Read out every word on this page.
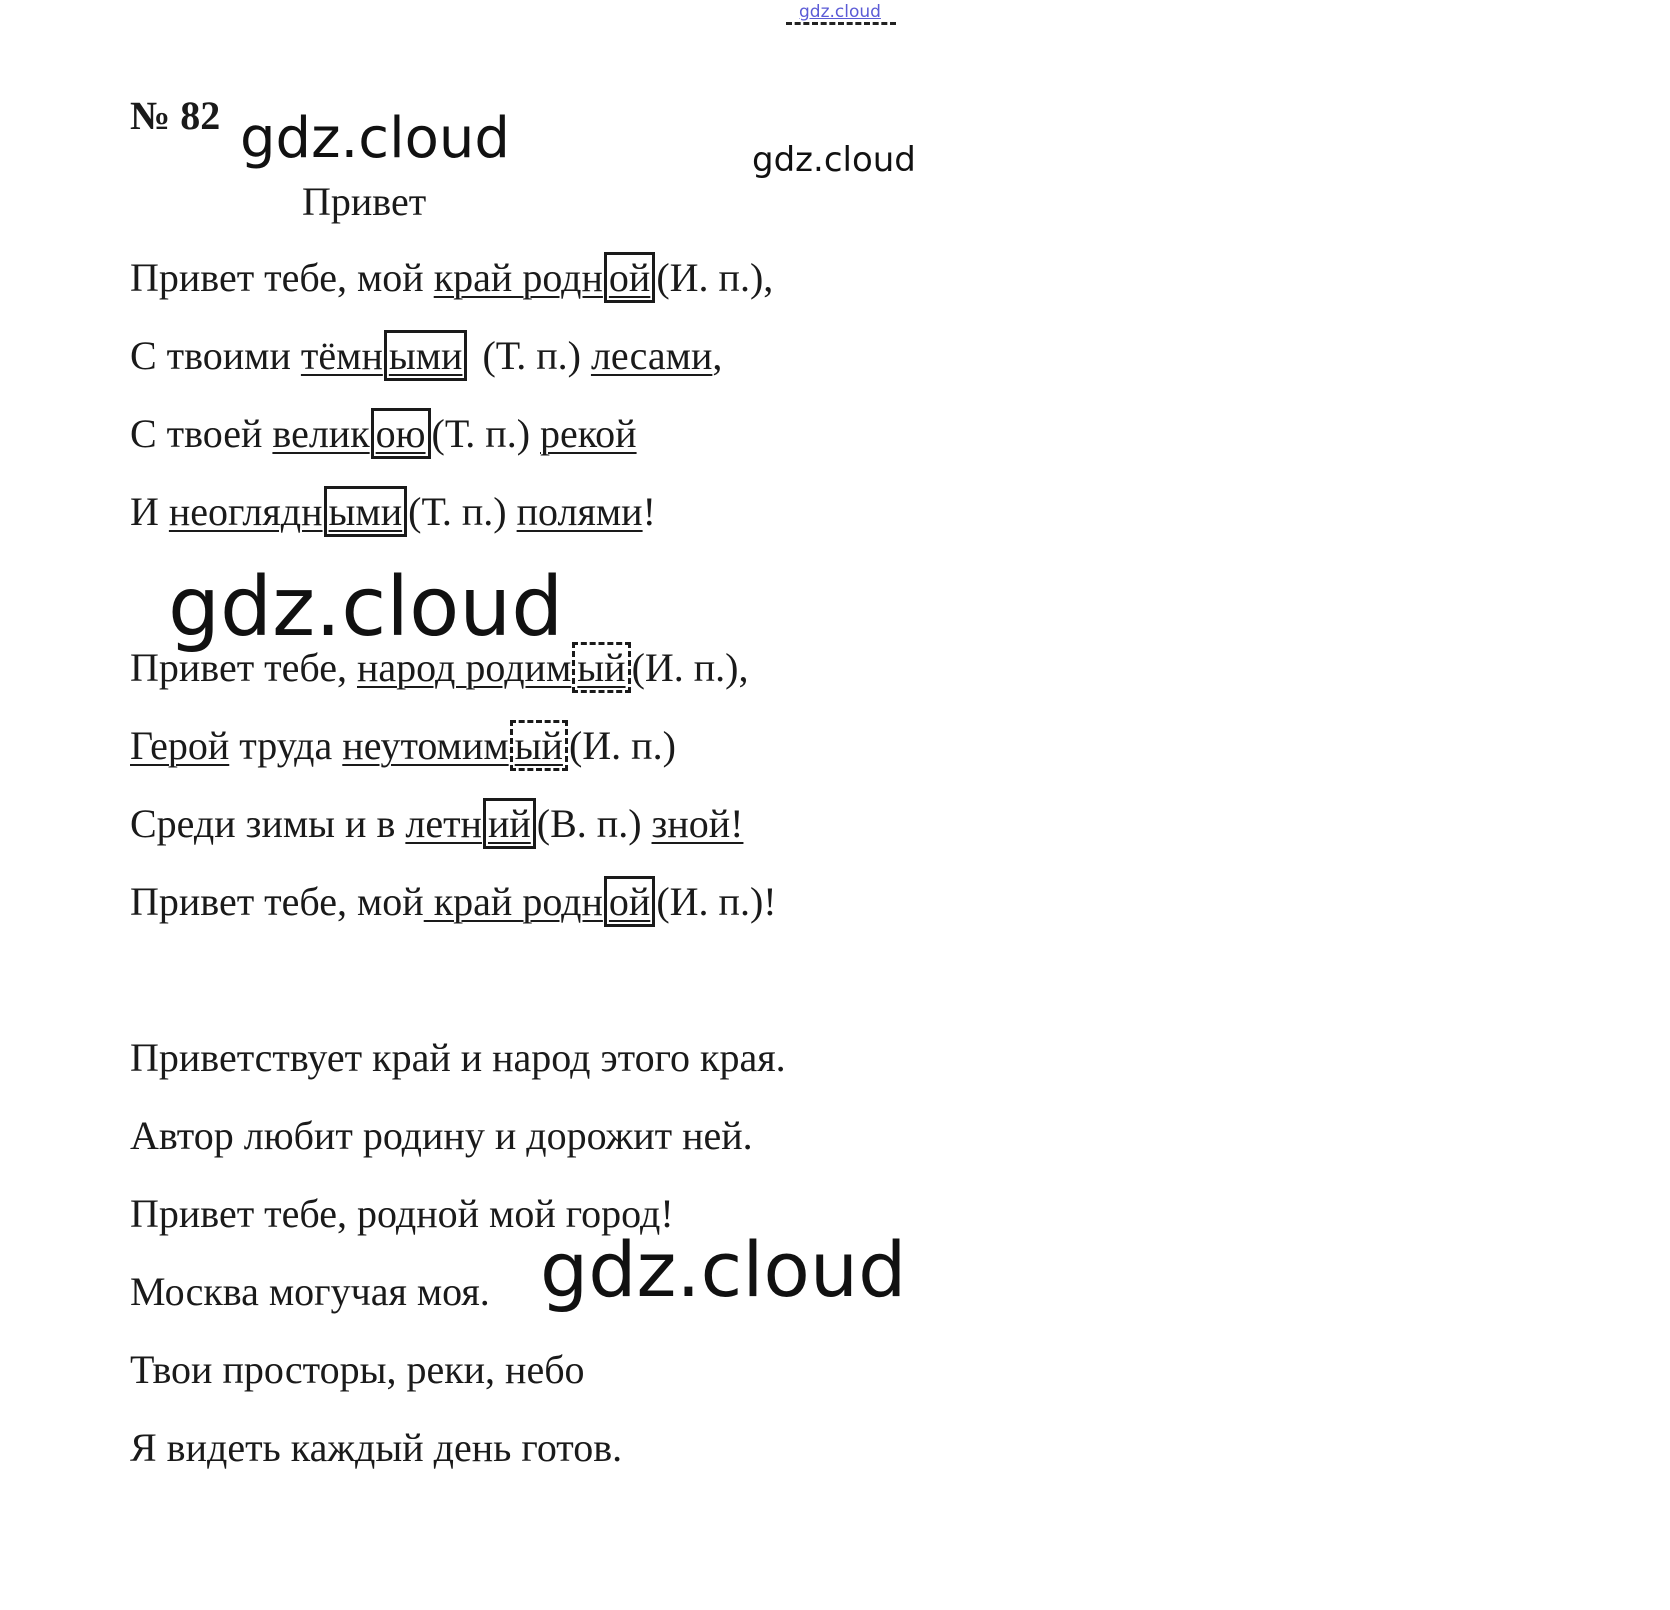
gdz.cloud
№ 82 gdz.cloud	gdz.cloud
Привет
Привет тебе, мой край родн ой (И. п.),
С твоими тёмн ыми (Т. п.) лесами,
С твоей велик ою (Т. п.) рекой
И неоглядн ыми (Т. п.) полями!
gdz.cloud
Привет тебе, народ родим ый (И. п.),
Герой труда неутомим ый (И. п.)
Среди зимы и в летн ий (В. п.) зной!
Привет тебе, мой край родн ой (И. п.)!
Приветствует край и народ этого края.
Автор любит родину и дорожит ней.
Привет тебе, родной мой город!
Москва могучая моя.
Твои просторы, реки, небо
Я видеть каждый день готов.
gdz.cloud
